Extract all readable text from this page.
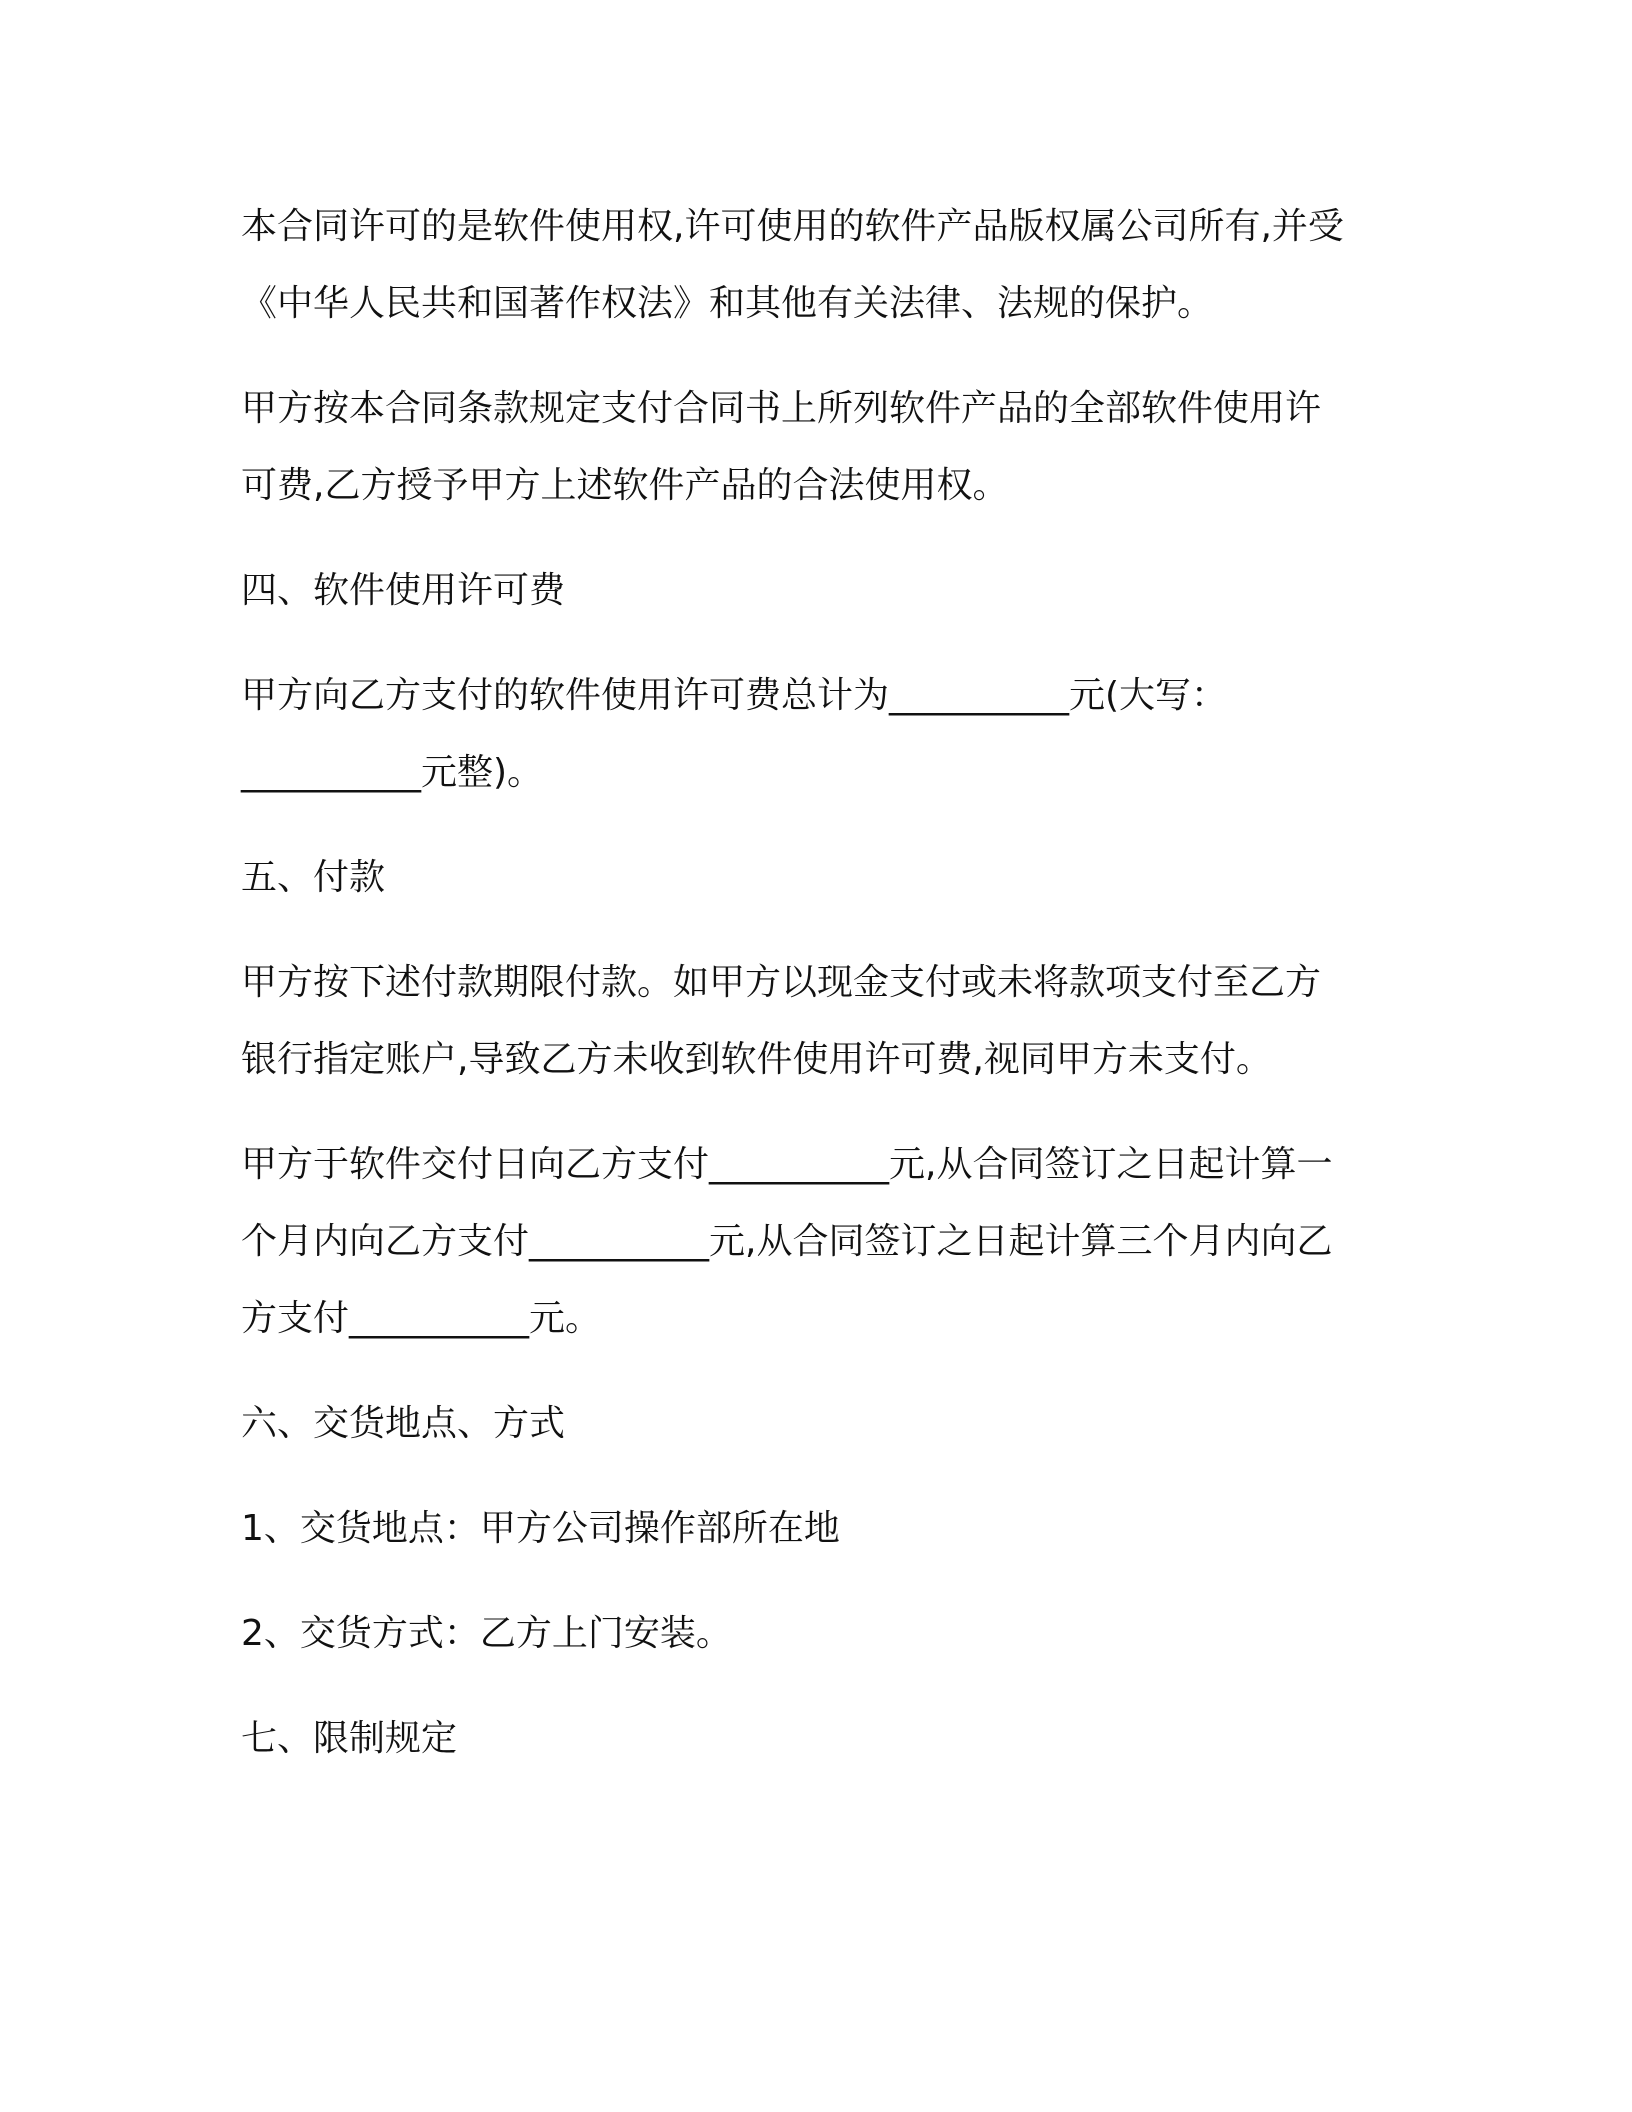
本合同许可的是软件使用权,许可使用的软件产品版权属公司所有,并受
《中华人民共和国著作权法》和其他有关法律、法规的保护。

甲方按本合同条款规定支付合同书上所列软件产品的全部软件使用许
可费,乙方授予甲方上述软件产品的合法使用权。

四、软件使用许可费

甲方向乙方支付的软件使用许可费总计为__________元(大写：
__________元整)。

五、付款

甲方按下述付款期限付款。如甲方以现金支付或未将款项支付至乙方
银行指定账户,导致乙方未收到软件使用许可费,视同甲方未支付。

甲方于软件交付日向乙方支付__________元,从合同签订之日起计算一
个月内向乙方支付__________元,从合同签订之日起计算三个月内向乙
方支付__________元。

六、交货地点、方式

1、交货地点：甲方公司操作部所在地

2、交货方式：乙方上门安装。

七、限制规定
